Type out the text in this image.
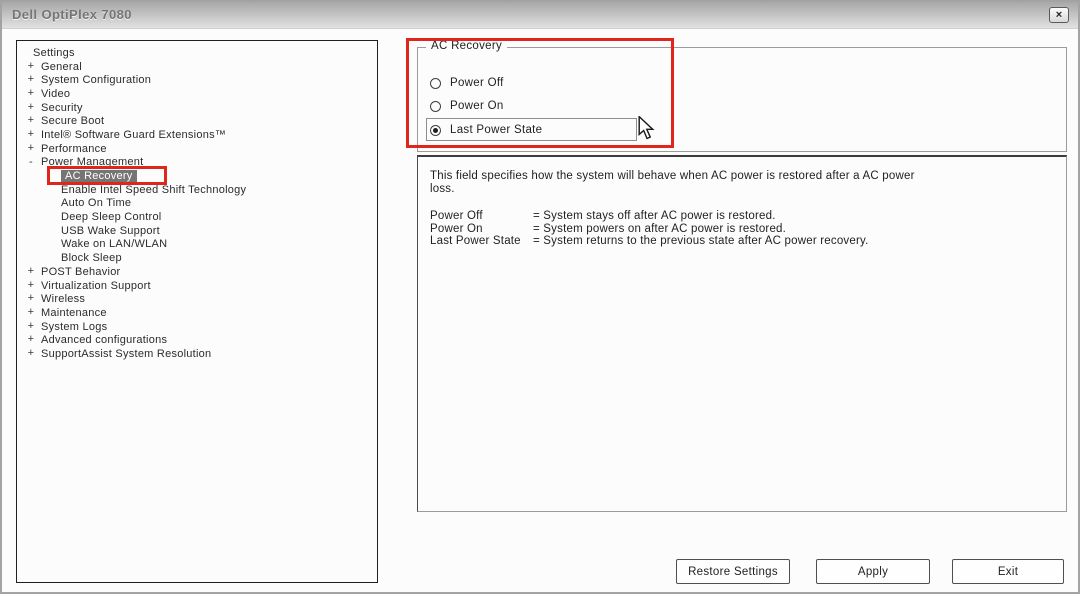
Dell OptiPlex 7080	×
Settings
+ General
+ System Configuration
+ Video
+ Security
+ Secure Boot
+ Intel® Software Guard Extensions™
+ Performance
- Power Management
AC Recovery
Enable Intel Speed Shift Technology
Auto On Time
Deep Sleep Control
USB Wake Support
Wake on LAN/WLAN
Block Sleep
+ POST Behavior
+ Virtualization Support
+ Wireless
+ Maintenance
+ System Logs
+ Advanced configurations
+ SupportAssist System Resolution
AC Recovery
Power Off
Power On
Last Power State
This field specifies how the system will behave when AC power is restored after a AC power loss.
Power Off	= System stays off after AC power is restored.
Power On	= System powers on after AC power is restored.
Last Power State	= System returns to the previous state after AC power recovery.
Restore Settings	Apply	Exit
